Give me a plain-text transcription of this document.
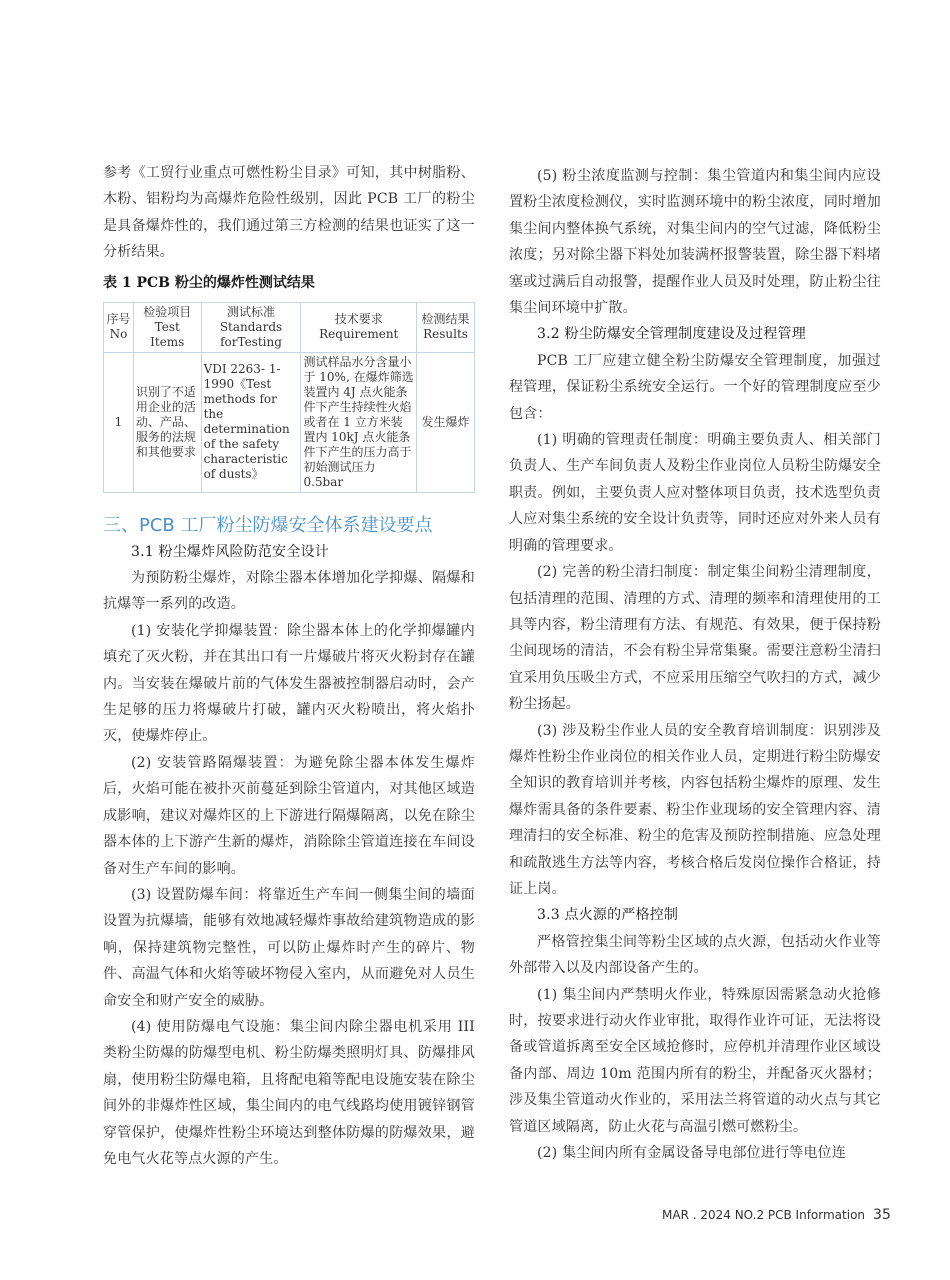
参考《工贸行业重点可燃性粉尘目录》可知，其中树脂粉、木粉、铝粉均为高爆炸危险性级别，因此 PCB 工厂的粉尘是具备爆炸性的，我们通过第三方检测的结果也证实了这一分析结果。

表 1 PCB 粉尘的爆炸性测试结果
序号 No	检验项目 Test Items	测试标准 Standards forTesting	技术要求 Requirement	检测结果 Results
1	识别了不适用企业的活动、产品、服务的法规和其他要求	VDI 2263- 1- 1990《Test methods for the determination of the safety characteristic of dusts》	测试样品水分含量小于 10%, 在爆炸筛选装置内 4J 点火能条件下产生持续性火焰或者在 1 立方米装置内 10kJ 点火能条件下产生的压力高于初始测试压力 0.5bar	发生爆炸
三、PCB 工厂粉尘防爆安全体系建设要点
3.1 粉尘爆炸风险防范安全设计

为预防粉尘爆炸，对除尘器本体增加化学抑爆、隔爆和抗爆等一系列的改造。

(1) 安装化学抑爆装置：除尘器本体上的化学抑爆罐内填充了灭火粉，并在其出口有一片爆破片将灭火粉封存在罐内。当安装在爆破片前的气体发生器被控制器启动时，会产生足够的压力将爆破片打破，罐内灭火粉喷出，将火焰扑灭，使爆炸停止。

(2) 安装管路隔爆装置：为避免除尘器本体发生爆炸后，火焰可能在被扑灭前蔓延到除尘管道内，对其他区域造成影响，建议对爆炸区的上下游进行隔爆隔离，以免在除尘器本体的上下游产生新的爆炸，消除除尘管道连接在车间设备对生产车间的影响。

(3) 设置防爆车间：将靠近生产车间一侧集尘间的墙面设置为抗爆墙，能够有效地减轻爆炸事故给建筑物造成的影响，保持建筑物完整性，可以防止爆炸时产生的碎片、物件、高温气体和火焰等破坏物侵入室内，从而避免对人员生命安全和财产安全的威胁。

(4) 使用防爆电气设施：集尘间内除尘器电机采用 III 类粉尘防爆的防爆型电机、粉尘防爆类照明灯具、防爆排风扇，使用粉尘防爆电箱，且将配电箱等配电设施安装在除尘间外的非爆炸性区域，集尘间内的电气线路均使用镀锌钢管穿管保护，使爆炸性粉尘环境达到整体防爆的防爆效果，避免电气火花等点火源的产生。

(5) 粉尘浓度监测与控制：集尘管道内和集尘间内应设置粉尘浓度检测仪，实时监测环境中的粉尘浓度，同时增加集尘间内整体换气系统，对集尘间内的空气过滤，降低粉尘浓度；另对除尘器下料处加装满杯报警装置，除尘器下料堵塞或过满后自动报警，提醒作业人员及时处理，防止粉尘往集尘间环境中扩散。

3.2 粉尘防爆安全管理制度建设及过程管理

PCB 工厂应建立健全粉尘防爆安全管理制度，加强过程管理，保证粉尘系统安全运行。一个好的管理制度应至少包含：

(1) 明确的管理责任制度：明确主要负责人、相关部门负责人、生产车间负责人及粉尘作业岗位人员粉尘防爆安全职责。例如，主要负责人应对整体项目负责，技术选型负责人应对集尘系统的安全设计负责等，同时还应对外来人员有明确的管理要求。

(2) 完善的粉尘清扫制度：制定集尘间粉尘清理制度，包括清理的范围、清理的方式、清理的频率和清理使用的工具等内容，粉尘清理有方法、有规范、有效果，便于保持粉尘间现场的清洁，不会有粉尘异常集聚。需要注意粉尘清扫宜采用负压吸尘方式，不应采用压缩空气吹扫的方式，减少粉尘扬起。

(3) 涉及粉尘作业人员的安全教育培训制度：识别涉及爆炸性粉尘作业岗位的相关作业人员，定期进行粉尘防爆安全知识的教育培训并考核，内容包括粉尘爆炸的原理、发生爆炸需具备的条件要素、粉尘作业现场的安全管理内容、清理清扫的安全标准、粉尘的危害及预防控制措施、应急处理和疏散逃生方法等内容，考核合格后发岗位操作合格证，持证上岗。

3.3 点火源的严格控制

严格管控集尘间等粉尘区域的点火源，包括动火作业等外部带入以及内部设备产生的。

(1) 集尘间内严禁明火作业，特殊原因需紧急动火抢修时，按要求进行动火作业审批，取得作业许可证，无法将设备或管道拆离至安全区域抢修时，应停机并清理作业区域设备内部、周边 10m 范围内所有的粉尘，并配备灭火器材；涉及集尘管道动火作业的，采用法兰将管道的动火点与其它管道区域隔离，防止火花与高温引燃可燃粉尘。

(2) 集尘间内所有金属设备导电部位进行等电位连

MAR . 2024 NO.2 PCB Information 35
